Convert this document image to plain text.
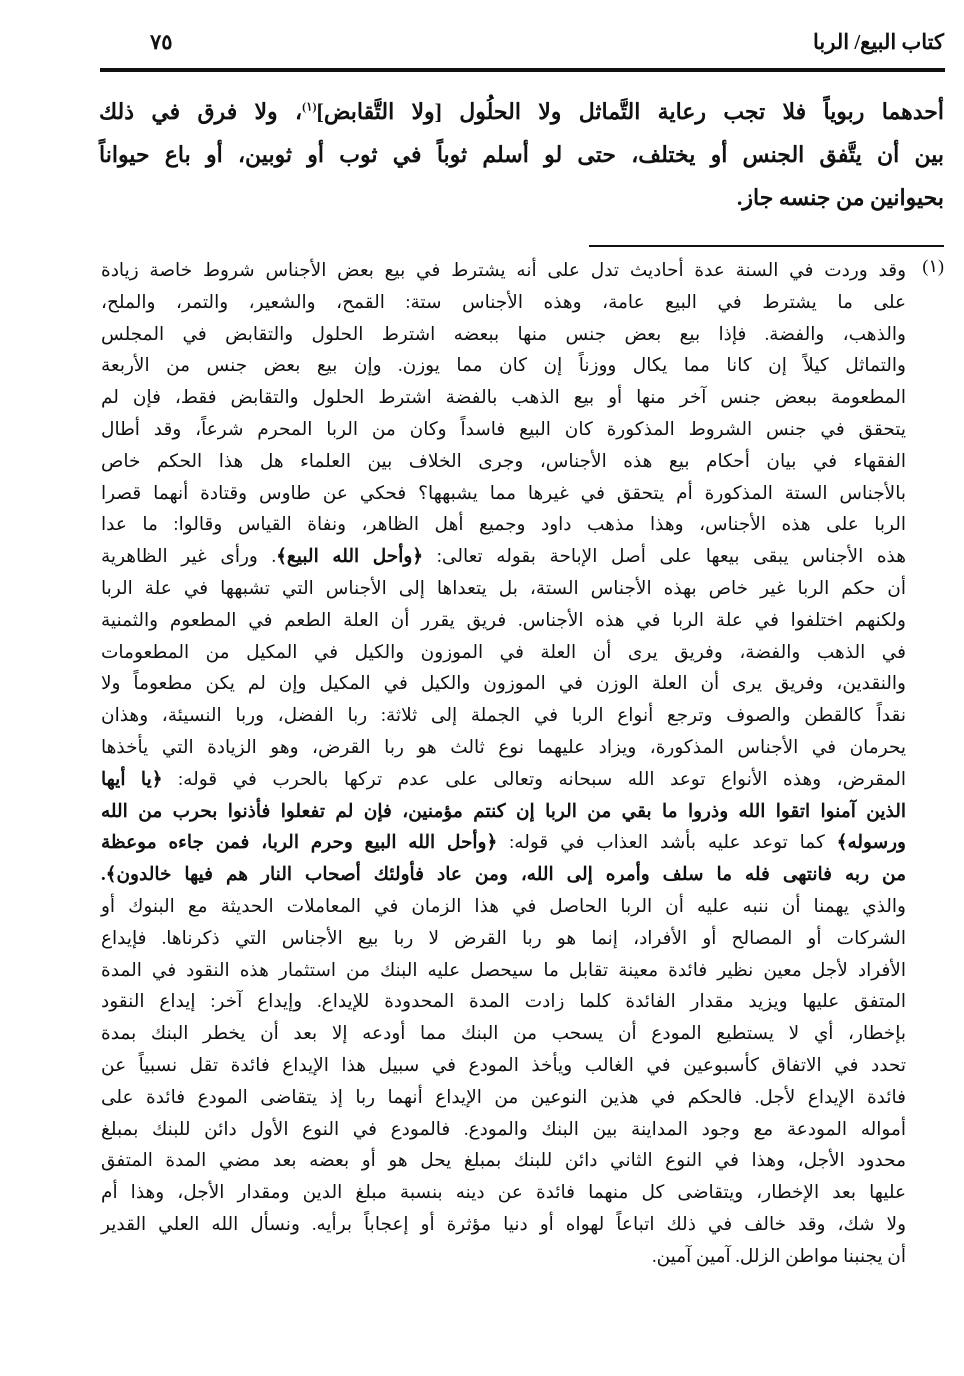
كتاب البيع/ الربا
٧٥
أحدهما ربوياً فلا تجب رعاية التَّماثل ولا الحلُول [ولا التَّقابض]$^{(١)}$، ولا فرق في ذلك
بين أن يتَّفق الجنس أو يختلف، حتى لو أسلم ثوباً في ثوب أو ثوبين، أو باع حيواناً
بحيوانين من جنسه جاز.
(١)
وقد وردت في السنة عدة أحاديث تدل على أنه يشترط في بيع بعض الأجناس شروط خاصة زيادة
على ما يشترط في البيع عامة، وهذه الأجناس ستة: القمح، والشعير، والتمر، والملح،
والذهب، والفضة. فإذا بيع بعض جنس منها ببعضه اشترط الحلول والتقابض في المجلس
والتماثل كيلاً إن كانا مما يكال ووزناً إن كان مما يوزن. وإن بيع بعض جنس من الأربعة
المطعومة ببعض جنس آخر منها أو بيع الذهب بالفضة اشترط الحلول والتقابض فقط، فإن لم
يتحقق في جنس الشروط المذكورة كان البيع فاسداً وكان من الربا المحرم شرعاً، وقد أطال
الفقهاء في بيان أحكام بيع هذه الأجناس، وجرى الخلاف بين العلماء هل هذا الحكم خاص
بالأجناس الستة المذكورة أم يتحقق في غيرها مما يشبهها؟ فحكي عن طاوس وقتادة أنهما قصرا
الربا على هذه الأجناس، وهذا مذهب داود وجميع أهل الظاهر، ونفاة القياس وقالوا: ما عدا
هذه الأجناس يبقى بيعها على أصل الإباحة بقوله تعالى: ﴿وأحل الله البيع﴾. ورأى غير الظاهرية
أن حكم الربا غير خاص بهذه الأجناس الستة، بل يتعداها إلى الأجناس التي تشبهها في علة الربا
ولكنهم اختلفوا في علة الربا في هذه الأجناس. فريق يقرر أن العلة الطعم في المطعوم والثمنية
في الذهب والفضة، وفريق يرى أن العلة في الموزون والكيل في المكيل من المطعومات
والنقدين، وفريق يرى أن العلة الوزن في الموزون والكيل في المكيل وإن لم يكن مطعوماً ولا
نقداً كالقطن والصوف وترجع أنواع الربا في الجملة إلى ثلاثة: ربا الفضل، وربا النسيئة، وهذان
يحرمان في الأجناس المذكورة، ويزاد عليهما نوع ثالث هو ربا القرض، وهو الزيادة التي يأخذها
المقرض، وهذه الأنواع توعد الله سبحانه وتعالى على عدم تركها بالحرب في قوله: ﴿يا أيها
الذين آمنوا اتقوا الله وذروا ما بقي من الربا إن كنتم مؤمنين، فإن لم تفعلوا فأذنوا بحرب من الله
ورسوله﴾ كما توعد عليه بأشد العذاب في قوله: ﴿وأحل الله البيع وحرم الربا، فمن جاءه موعظة
من ربه فانتهى فله ما سلف وأمره إلى الله، ومن عاد فأولئك أصحاب النار هم فيها خالدون﴾.
والذي يهمنا أن ننبه عليه أن الربا الحاصل في هذا الزمان في المعاملات الحديثة مع البنوك أو
الشركات أو المصالح أو الأفراد، إنما هو ربا القرض لا ربا بيع الأجناس التي ذكرناها. فإيداع
الأفراد لأجل معين نظير فائدة معينة تقابل ما سيحصل عليه البنك من استثمار هذه النقود في المدة
المتفق عليها ويزيد مقدار الفائدة كلما زادت المدة المحدودة للإيداع. وإيداع آخر: إيداع النقود
بإخطار، أي لا يستطيع المودع أن يسحب من البنك مما أودعه إلا بعد أن يخطر البنك بمدة
تحدد في الاتفاق كأسبوعين في الغالب ويأخذ المودع في سبيل هذا الإيداع فائدة تقل نسبياً عن
فائدة الإيداع لأجل. فالحكم في هذين النوعين من الإيداع أنهما ربا إذ يتقاضى المودع فائدة على
أمواله المودعة مع وجود المداينة بين البنك والمودع. فالمودع في النوع الأول دائن للبنك بمبلغ
محدود الأجل، وهذا في النوع الثاني دائن للبنك بمبلغ يحل هو أو بعضه بعد مضي المدة المتفق
عليها بعد الإخطار، ويتقاضى كل منهما فائدة عن دينه بنسبة مبلغ الدين ومقدار الأجل، وهذا أم
ولا شك، وقد خالف في ذلك اتباعاً لهواه أو دنيا مؤثرة أو إعجاباً برأيه. ونسأل الله العلي القدير
أن يجنبنا مواطن الزلل. آمين آمين.
